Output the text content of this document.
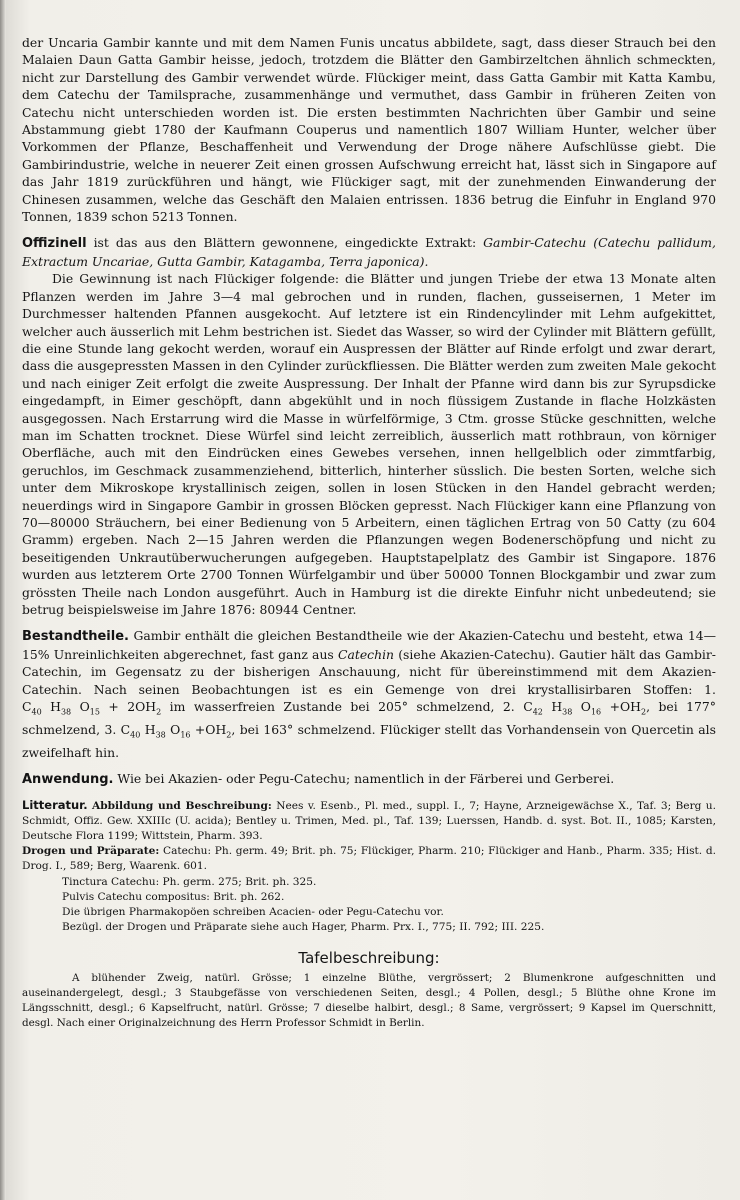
der Uncaria Gambir kannte und mit dem Namen Funis uncatus abbildete, sagt, dass dieser Strauch bei den Malaien Daun Gatta Gambir heisse, jedoch, trotzdem die Blätter den Gambirzeltchen ähnlich schmeckten, nicht zur Darstellung des Gambir verwendet würde. Flückiger meint, dass Gatta Gambir mit Katta Kambu, dem Catechu der Tamilsprache, zusammenhänge und vermuthet, dass Gambir in früheren Zeiten von Catechu nicht unterschieden worden ist. Die ersten bestimmten Nachrichten über Gambir und seine Abstammung giebt 1780 der Kaufmann Couperus und namentlich 1807 William Hunter, welcher über Vorkommen der Pflanze, Beschaffenheit und Verwendung der Droge nähere Aufschlüsse giebt. Die Gambirindustrie, welche in neuerer Zeit einen grossen Aufschwung erreicht hat, lässt sich in Singapore auf das Jahr 1819 zurückführen und hängt, wie Flückiger sagt, mit der zunehmenden Einwanderung der Chinesen zusammen, welche das Geschäft den Malaien entrissen. 1836 betrug die Einfuhr in England 970 Tonnen, 1839 schon 5213 Tonnen.

Offizinell ist das aus den Blättern gewonnene, eingedickte Extrakt: Gambir-Catechu (Catechu pallidum, Extractum Uncariae, Gutta Gambir, Katagamba, Terra japonica).

Die Gewinnung ist nach Flückiger folgende: die Blätter und jungen Triebe der etwa 13 Monate alten Pflanzen werden im Jahre 3—4 mal gebrochen und in runden, flachen, gusseisernen, 1 Meter im Durchmesser haltenden Pfannen ausgekocht. Auf letztere ist ein Rindencylinder mit Lehm aufgekittet, welcher auch äusserlich mit Lehm bestrichen ist. Siedet das Wasser, so wird der Cylinder mit Blättern gefüllt, die eine Stunde lang gekocht werden, worauf ein Auspressen der Blätter auf Rinde erfolgt und zwar derart, dass die ausgepressten Massen in den Cylinder zurückfliessen. Die Blätter werden zum zweiten Male gekocht und nach einiger Zeit erfolgt die zweite Auspressung. Der Inhalt der Pfanne wird dann bis zur Syrupsdicke eingedampft, in Eimer geschöpft, dann abgekühlt und in noch flüssigem Zustande in flache Holzkästen ausgegossen. Nach Erstarrung wird die Masse in würfelförmige, 3 Ctm. grosse Stücke geschnitten, welche man im Schatten trocknet. Diese Würfel sind leicht zerreiblich, äusserlich matt rothbraun, von körniger Oberfläche, auch mit den Eindrücken eines Gewebes versehen, innen hellgelblich oder zimmtfarbig, geruchlos, im Geschmack zusammenziehend, bitterlich, hinterher süsslich. Die besten Sorten, welche sich unter dem Mikroskope krystallinisch zeigen, sollen in losen Stücken in den Handel gebracht werden; neuerdings wird in Singapore Gambir in grossen Blöcken gepresst. Nach Flückiger kann eine Pflanzung von 70—80000 Sträuchern, bei einer Bedienung von 5 Arbeitern, einen täglichen Ertrag von 50 Catty (zu 604 Gramm) ergeben. Nach 2—15 Jahren werden die Pflanzungen wegen Bodenerschöpfung und nicht zu beseitigenden Unkrautüberwucherungen aufgegeben. Hauptstapelplatz des Gambir ist Singapore. 1876 wurden aus letzterem Orte 2700 Tonnen Würfelgambir und über 50000 Tonnen Blockgambir und zwar zum grössten Theile nach London ausgeführt. Auch in Hamburg ist die direkte Einfuhr nicht unbedeutend; sie betrug beispielsweise im Jahre 1876: 80944 Centner.

Bestandtheile. Gambir enthält die gleichen Bestandtheile wie der Akazien-Catechu und besteht, etwa 14—15% Unreinlichkeiten abgerechnet, fast ganz aus Catechin (siehe Akazien-Catechu). Gautier hält das Gambir-Catechin, im Gegensatz zu der bisherigen Anschauung, nicht für übereinstimmend mit dem Akazien-Catechin. Nach seinen Beobachtungen ist es ein Gemenge von drei krystallisirbaren Stoffen: 1. $C_{40}$ $H_{38}$ $O_{15} + 2OH_2$ im wasserfreien Zustande bei 205° schmelzend, 2. $C_{42}$ $H_{38}$ $O_{16} +OH_2$, bei 177° schmelzend, 3. $C_{40}$ $H_{38}$ $O_{16} +OH_2$, bei 163° schmelzend. Flückiger stellt das Vorhandensein von Quercetin als zweifelhaft hin.

Anwendung. Wie bei Akazien- oder Pegu-Catechu; namentlich in der Färberei und Gerberei.

Litteratur. Abbildung und Beschreibung: Nees v. Esenb., Pl. med., suppl. I., 7; Hayne, Arzneigewächse X., Taf. 3; Berg u. Schmidt, Offiz. Gew. XXIIIc (U. acida); Bentley u. Trimen, Med. pl., Taf. 139; Luerssen, Handb. d. syst. Bot. II., 1085; Karsten, Deutsche Flora 1199; Wittstein, Pharm. 393.

Drogen und Präparate: Catechu: Ph. germ. 49; Brit. ph. 75; Flückiger, Pharm. 210; Flückiger and Hanb., Pharm. 335; Hist. d. Drog. I., 589; Berg, Waarenk. 601.

Tinctura Catechu: Ph. germ. 275; Brit. ph. 325.

Pulvis Catechu compositus: Brit. ph. 262.

Die übrigen Pharmakopöen schreiben Acacien- oder Pegu-Catechu vor.

Bezügl. der Drogen und Präparate siehe auch Hager, Pharm. Prx. I., 775; II. 792; III. 225.

Tafelbeschreibung:

A blühender Zweig, natürl. Grösse; 1 einzelne Blüthe, vergrössert; 2 Blumenkrone aufgeschnitten und auseinandergelegt, desgl.; 3 Staubgefässe von verschiedenen Seiten, desgl.; 4 Pollen, desgl.; 5 Blüthe ohne Krone im Längsschnitt, desgl.; 6 Kapselfrucht, natürl. Grösse; 7 dieselbe halbirt, desgl.; 8 Same, vergrössert; 9 Kapsel im Querschnitt, desgl. Nach einer Originalzeichnung des Herrn Professor Schmidt in Berlin.
